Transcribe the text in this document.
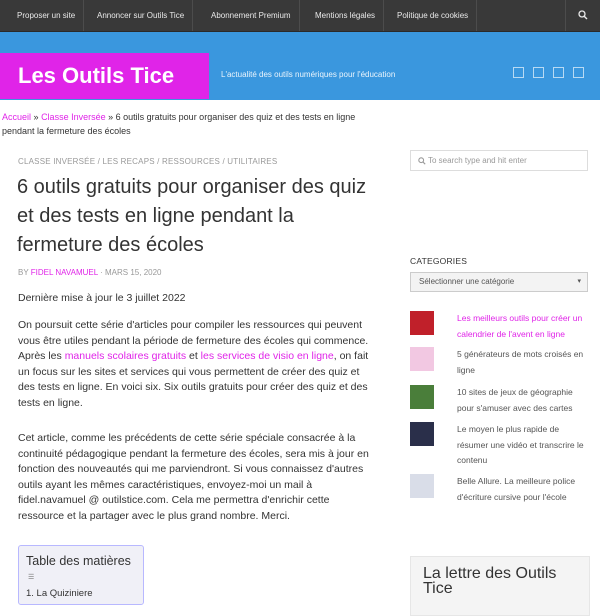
Proposer un site	Annoncer sur Outils Tice	Abonnement Premium	Mentions légales	Politique de cookies
Les Outils Tice	L'actualité des outils numériques pour l'éducation
Accueil » Classe Inversée » 6 outils gratuits pour organiser des quiz et des tests en ligne pendant la fermeture des écoles
CLASSE INVERSÉE / LES RECAPS / RESSOURCES / UTILITAIRES
6 outils gratuits pour organiser des quiz et des tests en ligne pendant la fermeture des écoles
BY FIDEL NAVAMUEL · MARS 15, 2020
Dernière mise à jour le 3 juillet 2022
On poursuit cette série d'articles pour compiler les ressources qui peuvent vous être utiles pendant la période de fermeture des écoles qui commence. Après les manuels scolaires gratuits et les services de visio en ligne, on fait un focus sur les sites et services qui vous permettent de créer des quiz et des tests en ligne. En voici six. Six outils gratuits pour créer des quiz et des tests en ligne.
Cet article, comme les précédents de cette série spéciale consacrée à la continuité pédagogique pendant la fermeture des écoles, sera mis à jour en fonction des nouveautés qui me parviendront. Si vous connaissez d'autres outils ayant les mêmes caractéristiques, envoyez-moi un mail à fidel.navamuel @ outilstice.com. Cela me permettra d'enrichir cette ressource et la partager avec le plus grand nombre. Merci.
Table des matières
☰
1. La Quiziniere
To search type and hit enter
CATEGORIES
Sélectionner une catégorie	▾
Les meilleurs outils pour créer un calendrier de l'avent en ligne
5 générateurs de mots croisés en ligne
10 sites de jeux de géographie pour s'amuser avec des cartes
Le moyen le plus rapide de résumer une vidéo et transcrire le contenu
Belle Allure. La meilleure police d'écriture cursive pour l'école
La lettre des Outils Tice
